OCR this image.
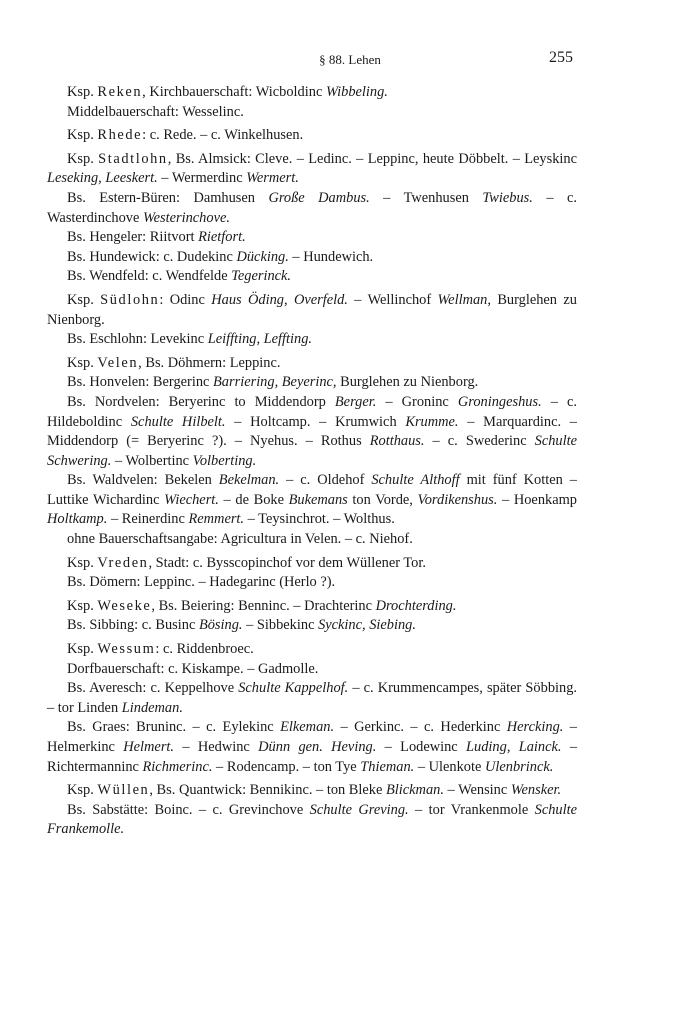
§ 88. Lehen	255

Ksp. Reken, Kirchbauerschaft: Wicboldinc Wibbeling.

Middelbauerschaft: Wesselinc.

Ksp. Rhede: c. Rede. – c. Winkelhusen.

Ksp. Stadtlohn, Bs. Almsick: Cleve. – Ledinc. – Leppinc, heute Döbbelt. – Leyskinc Leseking, Leeskert. – Wermerdinc Wermert.

Bs. Estern-Büren: Damhusen Große Dambus. – Twenhusen Twiebus. – c. Wasterdinchove Westerinchove.

Bs. Hengeler: Riitvort Rietfort.

Bs. Hundewick: c. Dudekinc Dücking. – Hundewich.

Bs. Wendfeld: c. Wendfelde Tegerinck.

Ksp. Südlohn: Odinc Haus Öding, Overfeld. – Wellinchof Wellman, Burglehen zu Nienborg.

Bs. Eschlohn: Levekinc Leiffting, Leffting.

Ksp. Velen, Bs. Döhmern: Leppinc.

Bs. Honvelen: Bergerinc Barriering, Beyerinc, Burglehen zu Nienborg.

Bs. Nordvelen: Beryerinc to Middendorp Berger. – Groninc Groningeshus. – c. Hildeboldinc Schulte Hilbelt. – Holtcamp. – Krumwich Krumme. – Marquardinc. – Middendorp (= Beryerinc ?). – Nyehus. – Rothus Rotthaus. – c. Swederinc Schulte Schwering. – Wolbertinc Volberting.

Bs. Waldvelen: Bekelen Bekelman. – c. Oldehof Schulte Althoff mit fünf Kotten – Luttike Wichardinc Wiechert. – de Boke Bukemans ton Vorde, Vordikenshus. – Hoenkamp Holtkamp. – Reinerdinc Remmert. – Teysinchrot. – Wolthus.

ohne Bauerschaftsangabe: Agricultura in Velen. – c. Niehof.

Ksp. Vreden, Stadt: c. Bysscopinchof vor dem Wüllener Tor.

Bs. Dömern: Leppinc. – Hadegarinc (Herlo ?).

Ksp. Weseke, Bs. Beiering: Benninc. – Drachterinc Drochterding.

Bs. Sibbing: c. Businc Bösing. – Sibbekinc Syckinc, Siebing.

Ksp. Wessum: c. Riddenbroec.

Dorfbauerschaft: c. Kiskampe. – Gadmolle.

Bs. Averesch: c. Keppelhove Schulte Kappelhof. – c. Krummencampes, später Söbbing. – tor Linden Lindeman.

Bs. Graes: Bruninc. – c. Eylekinc Elkeman. – Gerkinc. – c. Hederkinc Hercking. – Helmerkinc Helmert. – Hedwinc Dünn gen. Heving. – Lodewinc Luding, Lainck. – Richtermanninc Richmerinc. – Rodencamp. – ton Tye Thieman. – Ulenkote Ulenbrinck.

Ksp. Wüllen, Bs. Quantwick: Bennikinc. – ton Bleke Blickman. – Wensinc Wensker.

Bs. Sabstätte: Boinc. – c. Grevinchove Schulte Greving. – tor Vrankenmole Schulte Frankemolle.
